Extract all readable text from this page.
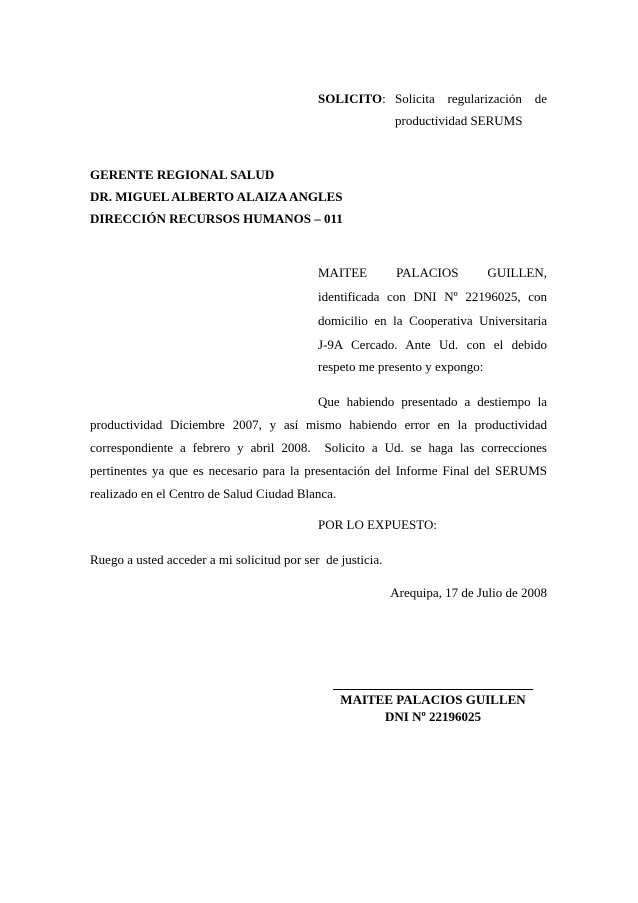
SOLICITO: Solicita regularización de
productividad SERUMS
GERENTE REGIONAL SALUD
DR. MIGUEL ALBERTO ALAIZA ANGLES
DIRECCIÓN RECURSOS HUMANOS – 011
MAITEE PALACIOS GUILLEN,
identificada con DNI Nº 22196025, con
domicilio en la Cooperativa Universitaria
J-9A Cercado. Ante Ud. con el debido
respeto me presento y expongo:
Que habiendo presentado a destiempo la
productividad Diciembre 2007, y así mismo habiendo error en la productividad
correspondiente a febrero y abril 2008.  Solicito a Ud. se haga las correcciones
pertinentes ya que es necesario para la presentación del Informe Final del SERUMS
realizado en el Centro de Salud Ciudad Blanca.
POR LO EXPUESTO:
Ruego a usted acceder a mi solicitud por ser  de justicia.
Arequipa, 17 de Julio de 2008
MAITEE PALACIOS GUILLEN
DNI Nº 22196025
